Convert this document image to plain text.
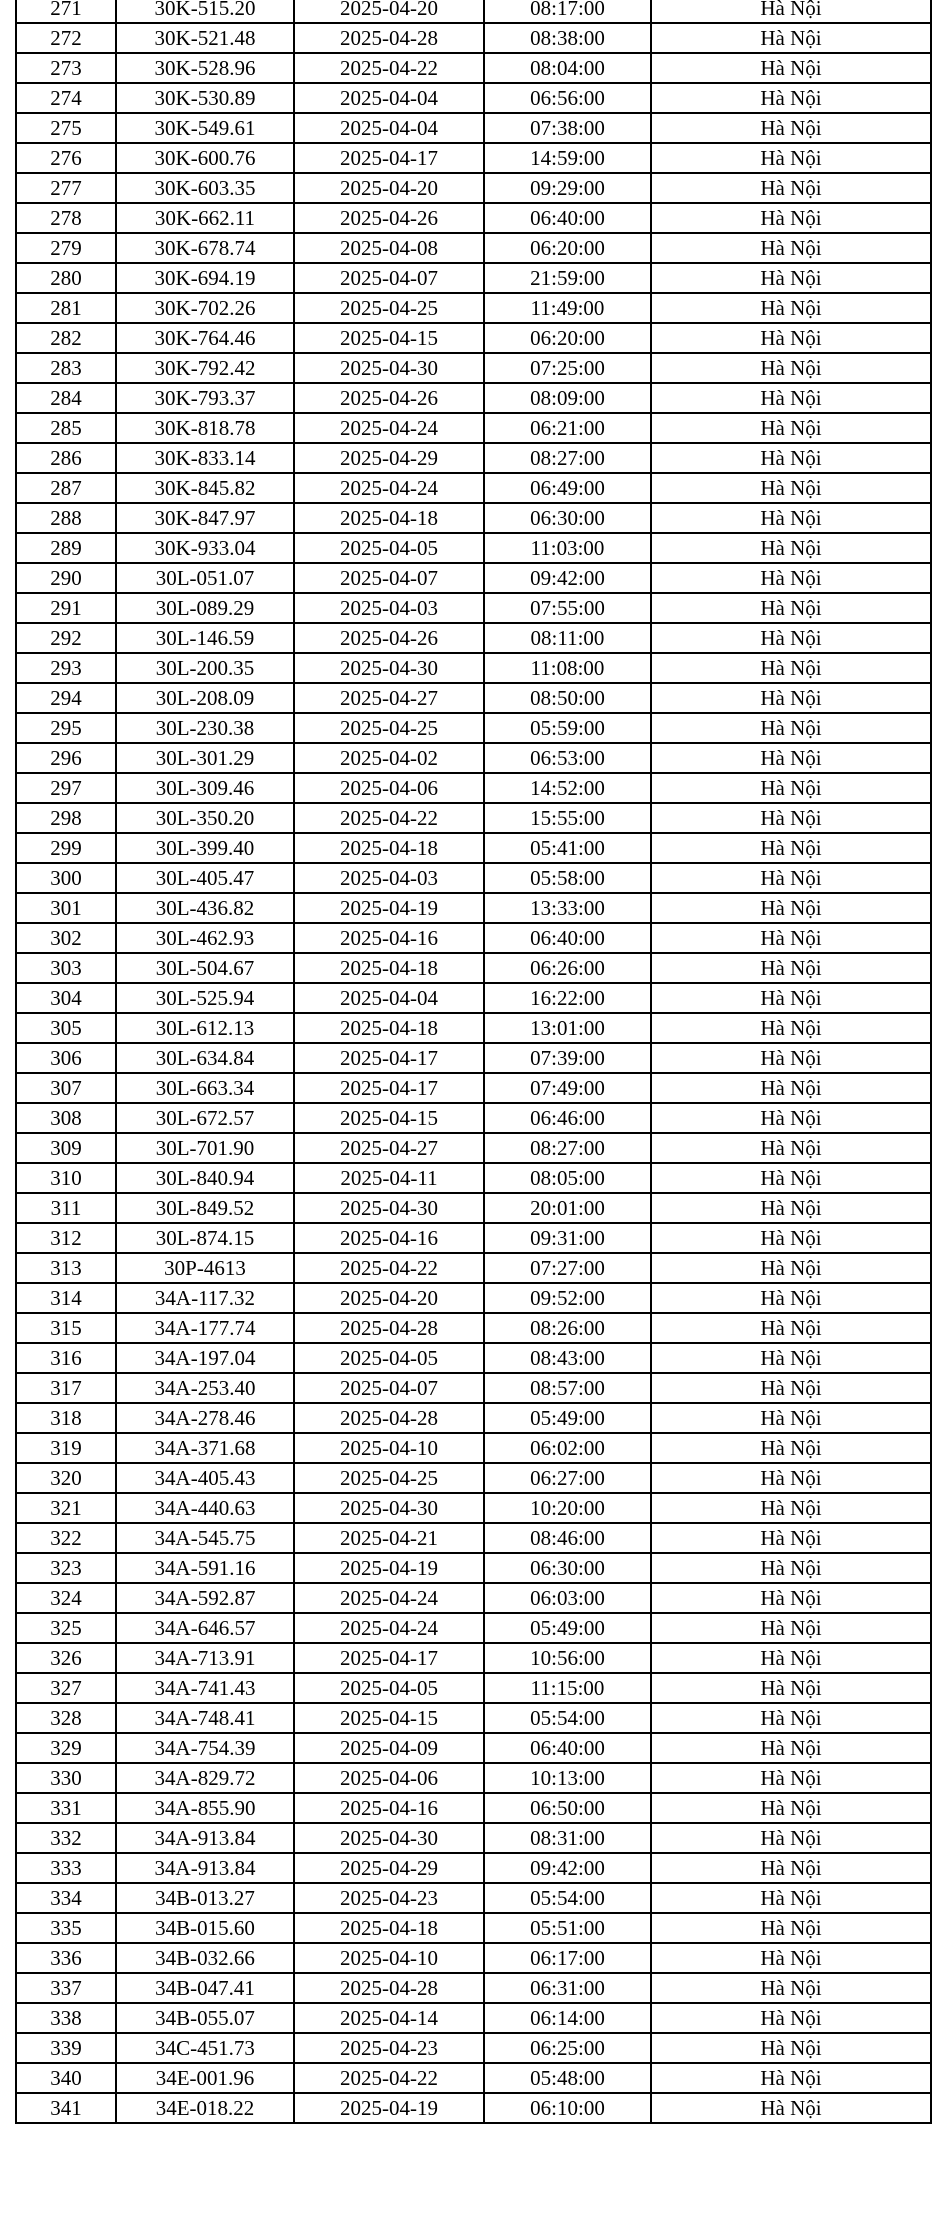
271	30K-515.20	2025-04-20	08:17:00	Hà Nội
272	30K-521.48	2025-04-28	08:38:00	Hà Nội
273	30K-528.96	2025-04-22	08:04:00	Hà Nội
274	30K-530.89	2025-04-04	06:56:00	Hà Nội
275	30K-549.61	2025-04-04	07:38:00	Hà Nội
276	30K-600.76	2025-04-17	14:59:00	Hà Nội
277	30K-603.35	2025-04-20	09:29:00	Hà Nội
278	30K-662.11	2025-04-26	06:40:00	Hà Nội
279	30K-678.74	2025-04-08	06:20:00	Hà Nội
280	30K-694.19	2025-04-07	21:59:00	Hà Nội
281	30K-702.26	2025-04-25	11:49:00	Hà Nội
282	30K-764.46	2025-04-15	06:20:00	Hà Nội
283	30K-792.42	2025-04-30	07:25:00	Hà Nội
284	30K-793.37	2025-04-26	08:09:00	Hà Nội
285	30K-818.78	2025-04-24	06:21:00	Hà Nội
286	30K-833.14	2025-04-29	08:27:00	Hà Nội
287	30K-845.82	2025-04-24	06:49:00	Hà Nội
288	30K-847.97	2025-04-18	06:30:00	Hà Nội
289	30K-933.04	2025-04-05	11:03:00	Hà Nội
290	30L-051.07	2025-04-07	09:42:00	Hà Nội
291	30L-089.29	2025-04-03	07:55:00	Hà Nội
292	30L-146.59	2025-04-26	08:11:00	Hà Nội
293	30L-200.35	2025-04-30	11:08:00	Hà Nội
294	30L-208.09	2025-04-27	08:50:00	Hà Nội
295	30L-230.38	2025-04-25	05:59:00	Hà Nội
296	30L-301.29	2025-04-02	06:53:00	Hà Nội
297	30L-309.46	2025-04-06	14:52:00	Hà Nội
298	30L-350.20	2025-04-22	15:55:00	Hà Nội
299	30L-399.40	2025-04-18	05:41:00	Hà Nội
300	30L-405.47	2025-04-03	05:58:00	Hà Nội
301	30L-436.82	2025-04-19	13:33:00	Hà Nội
302	30L-462.93	2025-04-16	06:40:00	Hà Nội
303	30L-504.67	2025-04-18	06:26:00	Hà Nội
304	30L-525.94	2025-04-04	16:22:00	Hà Nội
305	30L-612.13	2025-04-18	13:01:00	Hà Nội
306	30L-634.84	2025-04-17	07:39:00	Hà Nội
307	30L-663.34	2025-04-17	07:49:00	Hà Nội
308	30L-672.57	2025-04-15	06:46:00	Hà Nội
309	30L-701.90	2025-04-27	08:27:00	Hà Nội
310	30L-840.94	2025-04-11	08:05:00	Hà Nội
311	30L-849.52	2025-04-30	20:01:00	Hà Nội
312	30L-874.15	2025-04-16	09:31:00	Hà Nội
313	30P-4613	2025-04-22	07:27:00	Hà Nội
314	34A-117.32	2025-04-20	09:52:00	Hà Nội
315	34A-177.74	2025-04-28	08:26:00	Hà Nội
316	34A-197.04	2025-04-05	08:43:00	Hà Nội
317	34A-253.40	2025-04-07	08:57:00	Hà Nội
318	34A-278.46	2025-04-28	05:49:00	Hà Nội
319	34A-371.68	2025-04-10	06:02:00	Hà Nội
320	34A-405.43	2025-04-25	06:27:00	Hà Nội
321	34A-440.63	2025-04-30	10:20:00	Hà Nội
322	34A-545.75	2025-04-21	08:46:00	Hà Nội
323	34A-591.16	2025-04-19	06:30:00	Hà Nội
324	34A-592.87	2025-04-24	06:03:00	Hà Nội
325	34A-646.57	2025-04-24	05:49:00	Hà Nội
326	34A-713.91	2025-04-17	10:56:00	Hà Nội
327	34A-741.43	2025-04-05	11:15:00	Hà Nội
328	34A-748.41	2025-04-15	05:54:00	Hà Nội
329	34A-754.39	2025-04-09	06:40:00	Hà Nội
330	34A-829.72	2025-04-06	10:13:00	Hà Nội
331	34A-855.90	2025-04-16	06:50:00	Hà Nội
332	34A-913.84	2025-04-30	08:31:00	Hà Nội
333	34A-913.84	2025-04-29	09:42:00	Hà Nội
334	34B-013.27	2025-04-23	05:54:00	Hà Nội
335	34B-015.60	2025-04-18	05:51:00	Hà Nội
336	34B-032.66	2025-04-10	06:17:00	Hà Nội
337	34B-047.41	2025-04-28	06:31:00	Hà Nội
338	34B-055.07	2025-04-14	06:14:00	Hà Nội
339	34C-451.73	2025-04-23	06:25:00	Hà Nội
340	34E-001.96	2025-04-22	05:48:00	Hà Nội
341	34E-018.22	2025-04-19	06:10:00	Hà Nội
